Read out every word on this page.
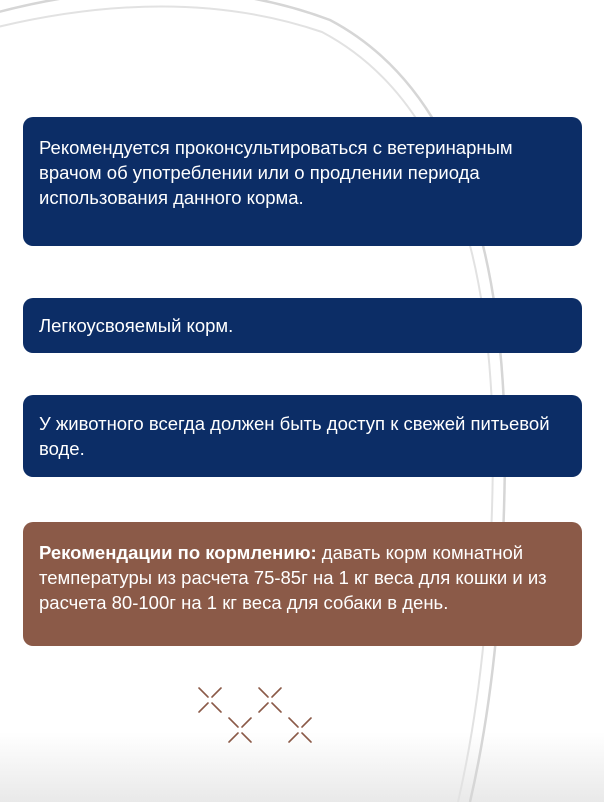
Рекомендуется проконсультироваться с ветеринарным врачом об употреблении или о продлении периода использования данного корма.
Легкоусвояемый корм.
У животного всегда должен быть доступ к свежей питьевой воде.
Рекомендации по кормлению: давать корм комнатной температуры из расчета 75-85г на 1 кг веса для кошки и из расчета 80-100г на 1 кг веса для собаки в день.
